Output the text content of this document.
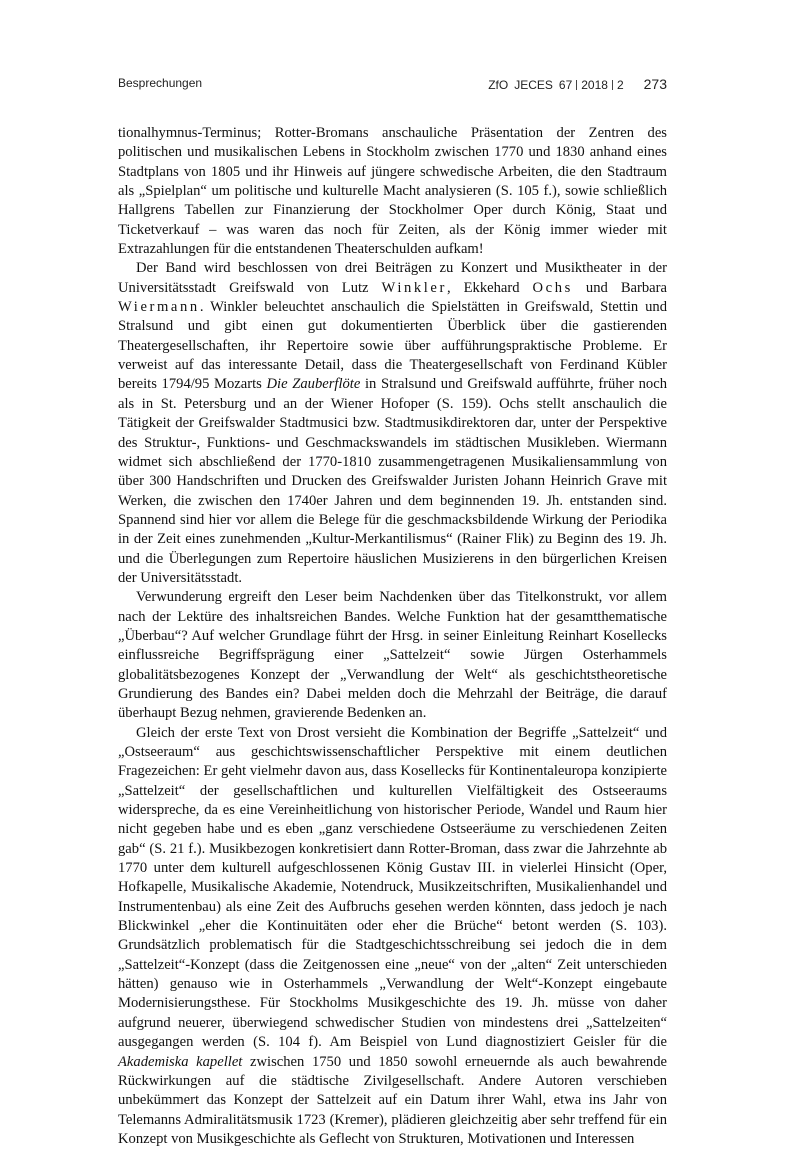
Besprechungen	ZfO JECES 67 2018 2 273

tionalhymnus-Terminus; Rotter-Bromans anschauliche Präsentation der Zentren des politischen und musikalischen Lebens in Stockholm zwischen 1770 und 1830 anhand eines Stadtplans von 1805 und ihr Hinweis auf jüngere schwedische Arbeiten, die den Stadtraum als „Spielplan“ um politische und kulturelle Macht analysieren (S. 105 f.), sowie schließlich Hallgrens Tabellen zur Finanzierung der Stockholmer Oper durch König, Staat und Ticketverkauf – was waren das noch für Zeiten, als der König immer wieder mit Extrazahlungen für die entstandenen Theaterschulden aufkam!

Der Band wird beschlossen von drei Beiträgen zu Konzert und Musiktheater in der Universitätsstadt Greifswald von Lutz Winkler, Ekkehard Ochs und Barbara Wiermann. Winkler beleuchtet anschaulich die Spielstätten in Greifswald, Stettin und Stralsund und gibt einen gut dokumentierten Überblick über die gastierenden Theatergesellschaften, ihr Repertoire sowie über aufführungspraktische Probleme. Er verweist auf das interessante Detail, dass die Theatergesellschaft von Ferdinand Kübler bereits 1794/95 Mozarts Die Zauberflöte in Stralsund und Greifswald aufführte, früher noch als in St. Petersburg und an der Wiener Hofoper (S. 159). Ochs stellt anschaulich die Tätigkeit der Greifswalder Stadtmusici bzw. Stadtmusikdirektoren dar, unter der Perspektive des Struktur-, Funktions- und Geschmackswandels im städtischen Musikleben. Wiermann widmet sich abschließend der 1770-1810 zusammengetragenen Musikaliensammlung von über 300 Handschriften und Drucken des Greifswalder Juristen Johann Heinrich Grave mit Werken, die zwischen den 1740er Jahren und dem beginnenden 19. Jh. entstanden sind. Spannend sind hier vor allem die Belege für die geschmacksbildende Wirkung der Periodika in der Zeit eines zunehmenden „Kultur-Merkantilismus“ (Rainer Flik) zu Beginn des 19. Jh. und die Überlegungen zum Repertoire häuslichen Musizierens in den bürgerlichen Kreisen der Universitätsstadt.

Verwunderung ergreift den Leser beim Nachdenken über das Titelkonstrukt, vor allem nach der Lektüre des inhaltsreichen Bandes. Welche Funktion hat der gesamtthematische „Überbau“? Auf welcher Grundlage führt der Hrsg. in seiner Einleitung Reinhart Kosellecks einflussreiche Begriffsprägung einer „Sattelzeit“ sowie Jürgen Osterhammels globalitätsbezogenes Konzept der „Verwandlung der Welt“ als geschichtstheoretische Grundierung des Bandes ein? Dabei melden doch die Mehrzahl der Beiträge, die darauf überhaupt Bezug nehmen, gravierende Bedenken an.

Gleich der erste Text von Drost versieht die Kombination der Begriffe „Sattelzeit“ und „Ostseeraum“ aus geschichtswissenschaftlicher Perspektive mit einem deutlichen Fragezeichen: Er geht vielmehr davon aus, dass Kosellecks für Kontinentaleuropa konzipierte „Sattelzeit“ der gesellschaftlichen und kulturellen Vielfältigkeit des Ostseeraums widerspreche, da es eine Vereinheitlichung von historischer Periode, Wandel und Raum hier nicht gegeben habe und es eben „ganz verschiedene Ostseeräume zu verschiedenen Zeiten gab“ (S. 21 f.). Musikbezogen konkretisiert dann Rotter-Broman, dass zwar die Jahrzehnte ab 1770 unter dem kulturell aufgeschlossenen König Gustav III. in vielerlei Hinsicht (Oper, Hofkapelle, Musikalische Akademie, Notendruck, Musikzeitschriften, Musikalienhandel und Instrumentenbau) als eine Zeit des Aufbruchs gesehen werden könnten, dass jedoch je nach Blickwinkel „eher die Kontinuitäten oder eher die Brüche“ betont werden (S. 103). Grundsätzlich problematisch für die Stadtgeschichtsschreibung sei jedoch die in dem „Sattelzeit“-Konzept (dass die Zeitgenossen eine „neue“ von der „alten“ Zeit unterschieden hätten) genauso wie in Osterhammels „Verwandlung der Welt“-Konzept eingebaute Modernisierungsthese. Für Stockholms Musikgeschichte des 19. Jh. müsse von daher aufgrund neuerer, überwiegend schwedischer Studien von mindestens drei „Sattelzeiten“ ausgegangen werden (S. 104 f). Am Beispiel von Lund diagnostiziert Geisler für die Akademiska kapellet zwischen 1750 und 1850 sowohl erneuernde als auch bewahrende Rückwirkungen auf die städtische Zivilgesellschaft. Andere Autoren verschieben unbekümmert das Konzept der Sattelzeit auf ein Datum ihrer Wahl, etwa ins Jahr von Telemanns Admiralitätsmusik 1723 (Kremer), plädieren gleichzeitig aber sehr treffend für ein Konzept von Musikgeschichte als Geflecht von Strukturen, Motivationen und Interessen
